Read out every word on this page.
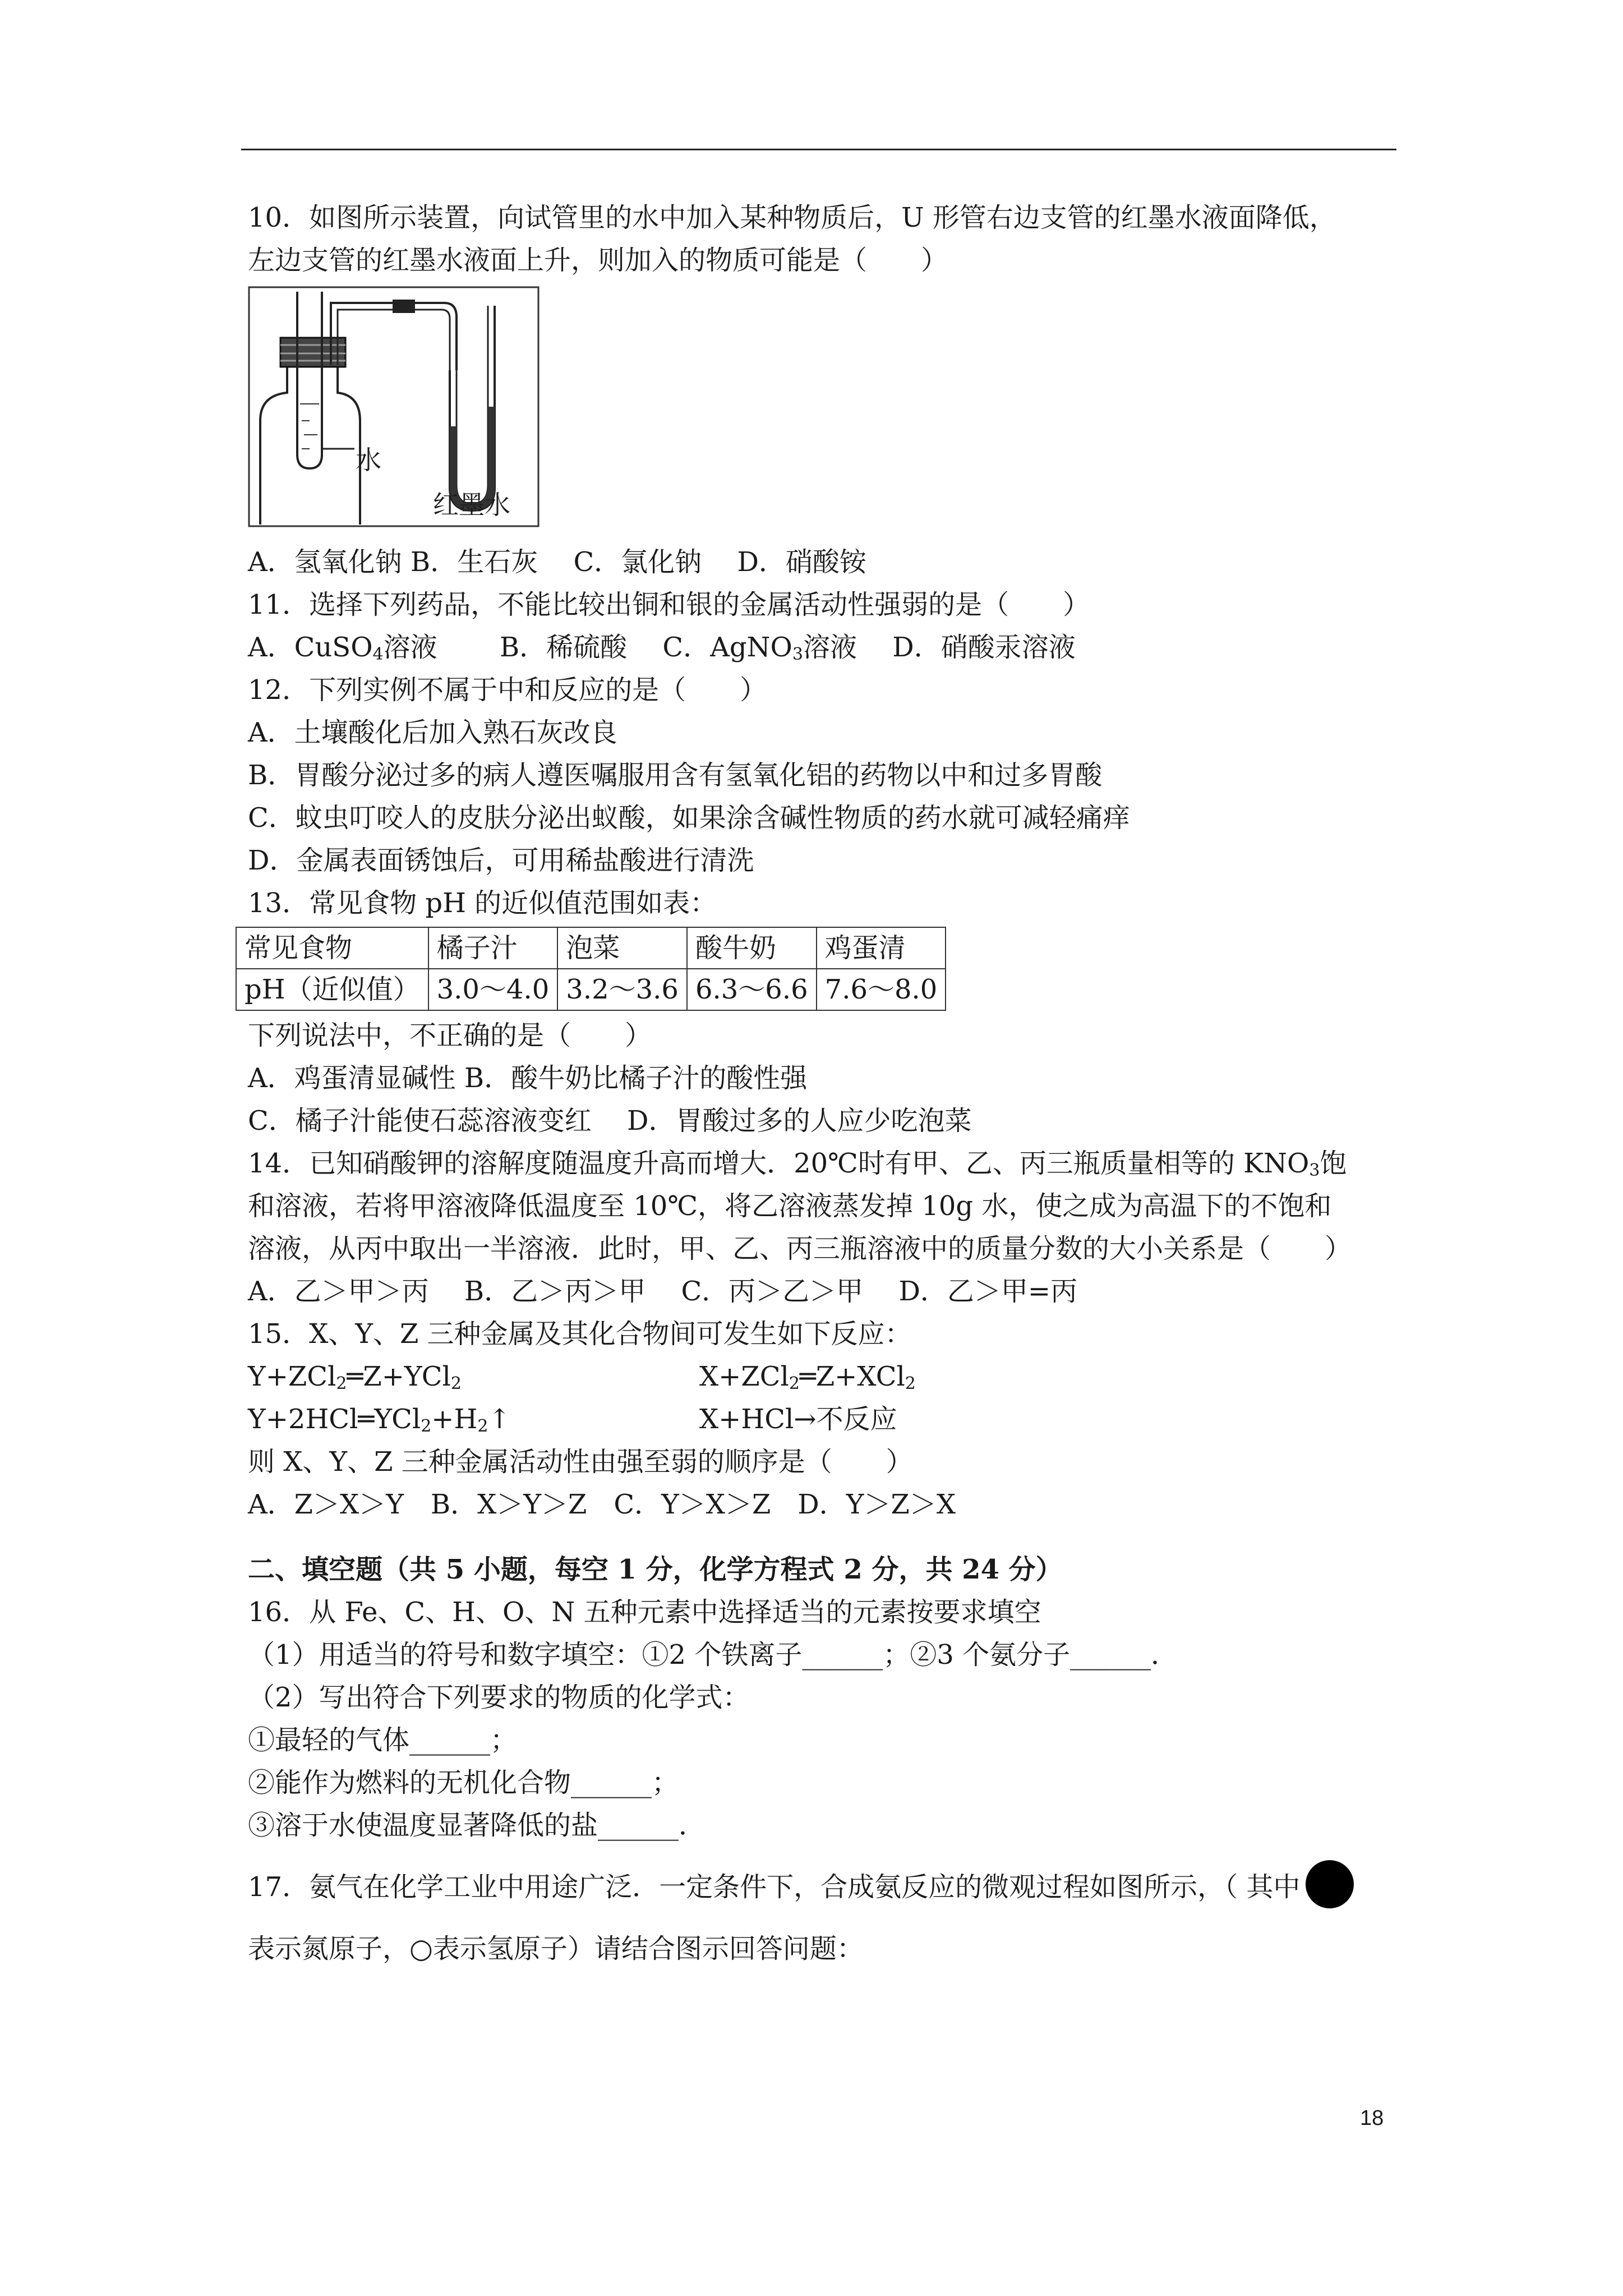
10．如图所示装置，向试管里的水中加入某种物质后，U 形管右边支管的红墨水液面降低，

左边支管的红墨水液面上升，则加入的物质可能是（　　）

水
红墨水

A．氢氧化钠 B．生石灰　 C．氯化钠　 D．硝酸铵

11．选择下列药品，不能比较出铜和银的金属活动性强弱的是（　　）

A．CuSO$_4$溶液　　 B．稀硫酸　 C．AgNO$_3$溶液　 D．硝酸汞溶液

12．下列实例不属于中和反应的是（　　）

A．土壤酸化后加入熟石灰改良

B．胃酸分泌过多的病人遵医嘱服用含有氢氧化铝的药物以中和过多胃酸

C．蚊虫叮咬人的皮肤分泌出蚁酸，如果涂含碱性物质的药水就可减轻痛痒

D．金属表面锈蚀后，可用稀盐酸进行清洗

13．常见食物 pH 的近似值范围如表：

常见食物	橘子汁	泡菜	酸牛奶	鸡蛋清
pH（近似值）	3.0～4.0	3.2～3.6	6.3～6.6	7.6～8.0

下列说法中，不正确的是（　　）

A．鸡蛋清显碱性 B．酸牛奶比橘子汁的酸性强

C．橘子汁能使石蕊溶液变红　 D．胃酸过多的人应少吃泡菜

14．已知硝酸钾的溶解度随温度升高而增大．20℃时有甲、乙、丙三瓶质量相等的 $KNO_3$饱

和溶液，若将甲溶液降低温度至 10℃，将乙溶液蒸发掉 10g 水，使之成为高温下的不饱和

溶液，从丙中取出一半溶液．此时，甲、乙、丙三瓶溶液中的质量分数的大小关系是（　　）

A．乙＞甲＞丙　 B．乙＞丙＞甲　 C．丙＞乙＞甲　 D．乙＞甲=丙

15．X、Y、Z 三种金属及其化合物间可发生如下反应：

Y+ZCl$_2$═Z+YCl$_2$	X+ZCl$_2$═Z+XCl$_2$
$Y+2HCl═YCl_2+H_2↑$	X+HCl→不反应

则 X、Y、Z 三种金属活动性由强至弱的顺序是（　　）

A．Z＞X＞Y　B．X＞Y＞Z　C．Y＞X＞Z　D．Y＞Z＞X

二、填空题（共 5 小题，每空 1 分，化学方程式 2 分，共 24 分）

16．从 Fe、C、H、O、N 五种元素中选择适当的元素按要求填空

（1）用适当的符号和数字填空：①2 个铁离子______；②3 个氨分子______．

（2）写出符合下列要求的物质的化学式：

①最轻的气体______；

②能作为燃料的无机化合物______；

③溶于水使温度显著降低的盐______．

17．氨气在化学工业中用途广泛．一定条件下，合成氨反应的微观过程如图所示，（ 其中

表示氮原子，○表示氢原子）请结合图示回答问题：

18
